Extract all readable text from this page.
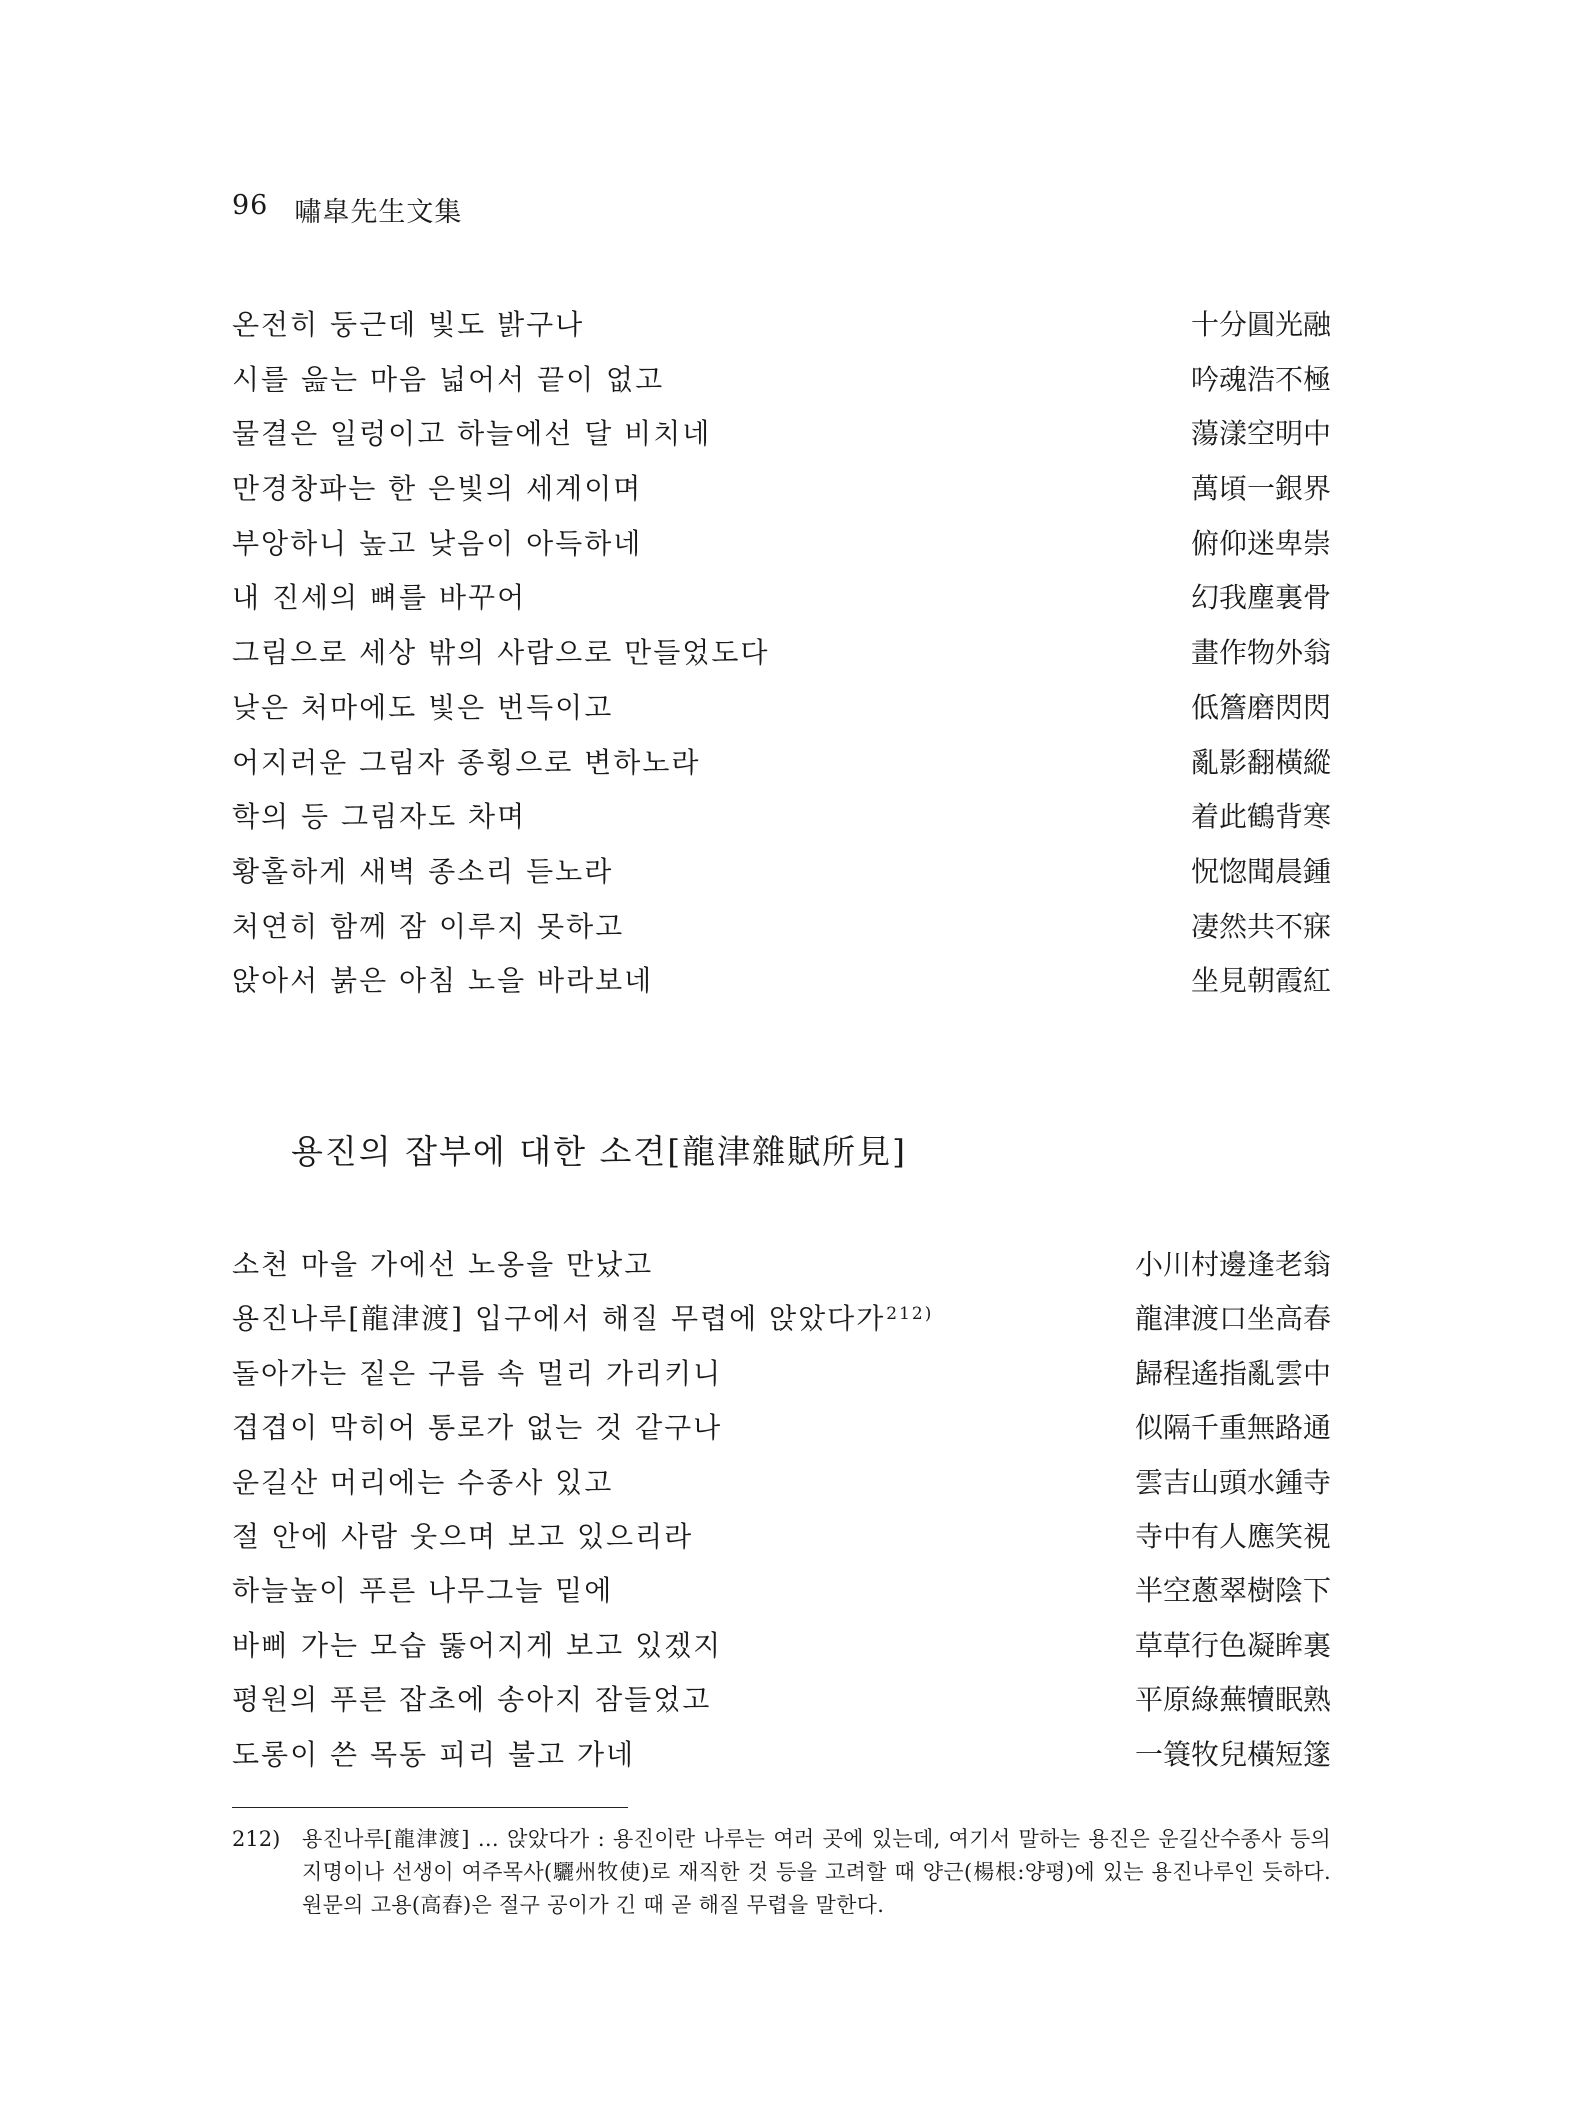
96 嘯皐先生文集
온전히 둥근데 빛도 밝구나	十分圓光融
시를 읊는 마음 넓어서 끝이 없고	吟魂浩不極
물결은 일렁이고 하늘에선 달 비치네	蕩漾空明中
만경창파는 한 은빛의 세계이며	萬頃一銀界
부앙하니 높고 낮음이 아득하네	俯仰迷卑崇
내 진세의 뼈를 바꾸어	幻我塵裏骨
그림으로 세상 밖의 사람으로 만들었도다	畫作物外翁
낮은 처마에도 빛은 번득이고	低簷磨閃閃
어지러운 그림자 종횡으로 변하노라	亂影翻橫縱
학의 등 그림자도 차며	着此鶴背寒
황홀하게 새벽 종소리 듣노라	怳惚聞晨鍾
처연히 함께 잠 이루지 못하고	凄然共不寐
앉아서 붉은 아침 노을 바라보네	坐見朝霞紅
용진의 잡부에 대한 소견[龍津雜賦所見]
소천 마을 가에선 노옹을 만났고	小川村邊逢老翁
용진나루[龍津渡] 입구에서 해질 무렵에 앉았다가$^{212)}$	龍津渡口坐高春
돌아가는 짙은 구름 속 멀리 가리키니	歸程遙指亂雲中
겹겹이 막히어 통로가 없는 것 같구나	似隔千重無路通
운길산 머리에는 수종사 있고	雲吉山頭水鍾寺
절 안에 사람 웃으며 보고 있으리라	寺中有人應笑視
하늘높이 푸른 나무그늘 밑에	半空蔥翠樹陰下
바삐 가는 모습 뚫어지게 보고 있겠지	草草行色凝眸裏
평원의 푸른 잡초에 송아지 잠들었고	平原綠蕪犢眠熟
도롱이 쓴 목동 피리 불고 가네	一簑牧兒橫短篴
212)	용진나루[龍津渡] … 앉았다가 : 용진이란 나루는 여러 곳에 있는데, 여기서 말하는 용진은 운길산수종사 등의 지명이나 선생이 여주목사(驪州牧使)로 재직한 것 등을 고려할 때 양근(楊根:양평)에 있는 용진나루인 듯하다. 원문의 고용(高舂)은 절구 공이가 긴 때 곧 해질 무렵을 말한다.
